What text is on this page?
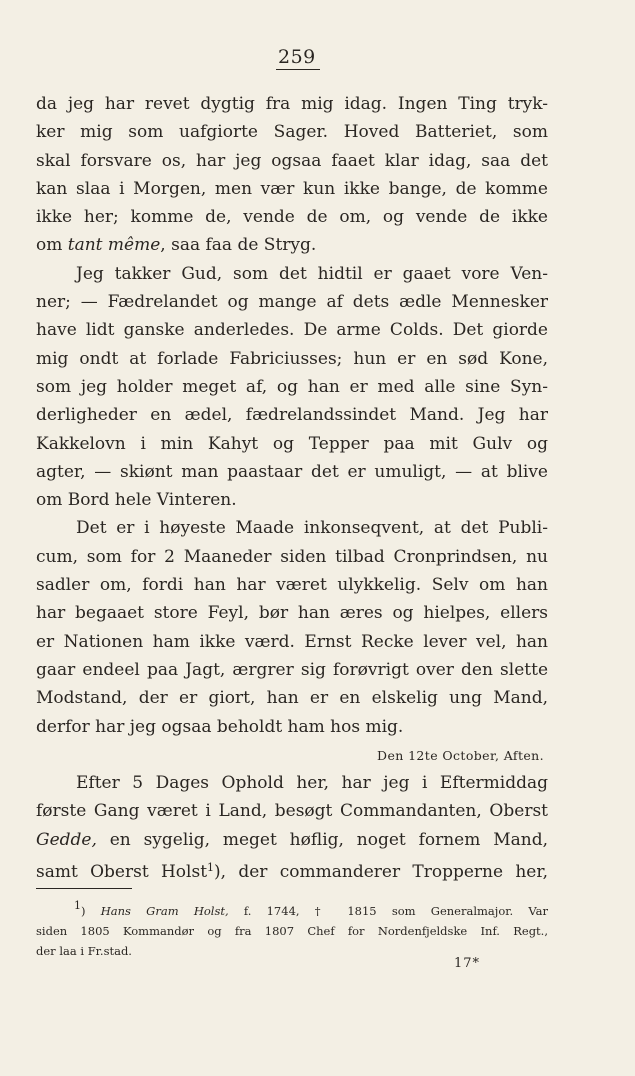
259
da jeg har revet dygtig fra mig idag. Ingen Ting tryk-
ker mig som uafgiorte Sager. Hoved Batteriet, som
skal forsvare os, har jeg ogsaa faaet klar idag, saa det
kan slaa i Morgen, men vær kun ikke bange, de komme
ikke her; komme de, vende de om, og vende de ikke
om tant même, saa faa de Stryg.
Jeg takker Gud, som det hidtil er gaaet vore Ven-
ner; — Fædrelandet og mange af dets ædle Mennesker
have lidt ganske anderledes. De arme Colds. Det giorde
mig ondt at forlade Fabriciusses; hun er en sød Kone,
som jeg holder meget af, og han er med alle sine Syn-
derligheder en ædel, fædrelandssindet Mand. Jeg har
Kakkelovn i min Kahyt og Tepper paa mit Gulv og
agter, — skiønt man paastaar det er umuligt, — at blive
om Bord hele Vinteren.
Det er i høyeste Maade inkonseqvent, at det Publi-
cum, som for 2 Maaneder siden tilbad Cronprindsen, nu
sadler om, fordi han har været ulykkelig. Selv om han
har begaaet store Feyl, bør han æres og hielpes, ellers
er Nationen ham ikke værd. Ernst Recke lever vel, han
gaar endeel paa Jagt, ærgrer sig forøvrigt over den slette
Modstand, der er giort, han er en elskelig ung Mand,
derfor har jeg ogsaa beholdt ham hos mig.
Den 12te October, Aften.
Efter 5 Dages Ophold her, har jeg i Eftermiddag
første Gang været i Land, besøgt Commandanten, Oberst
Gedde, en sygelig, meget høflig, noget fornem Mand,
samt Oberst Holst$^1$), der commanderer Tropperne her,
1) Hans Gram Holst, f. 1744, † 1815 som Generalmajor. Var
siden 1805 Kommandør og fra 1807 Chef for Nordenfjeldske Inf. Regt.,
der laa i Fr.stad.
17*
